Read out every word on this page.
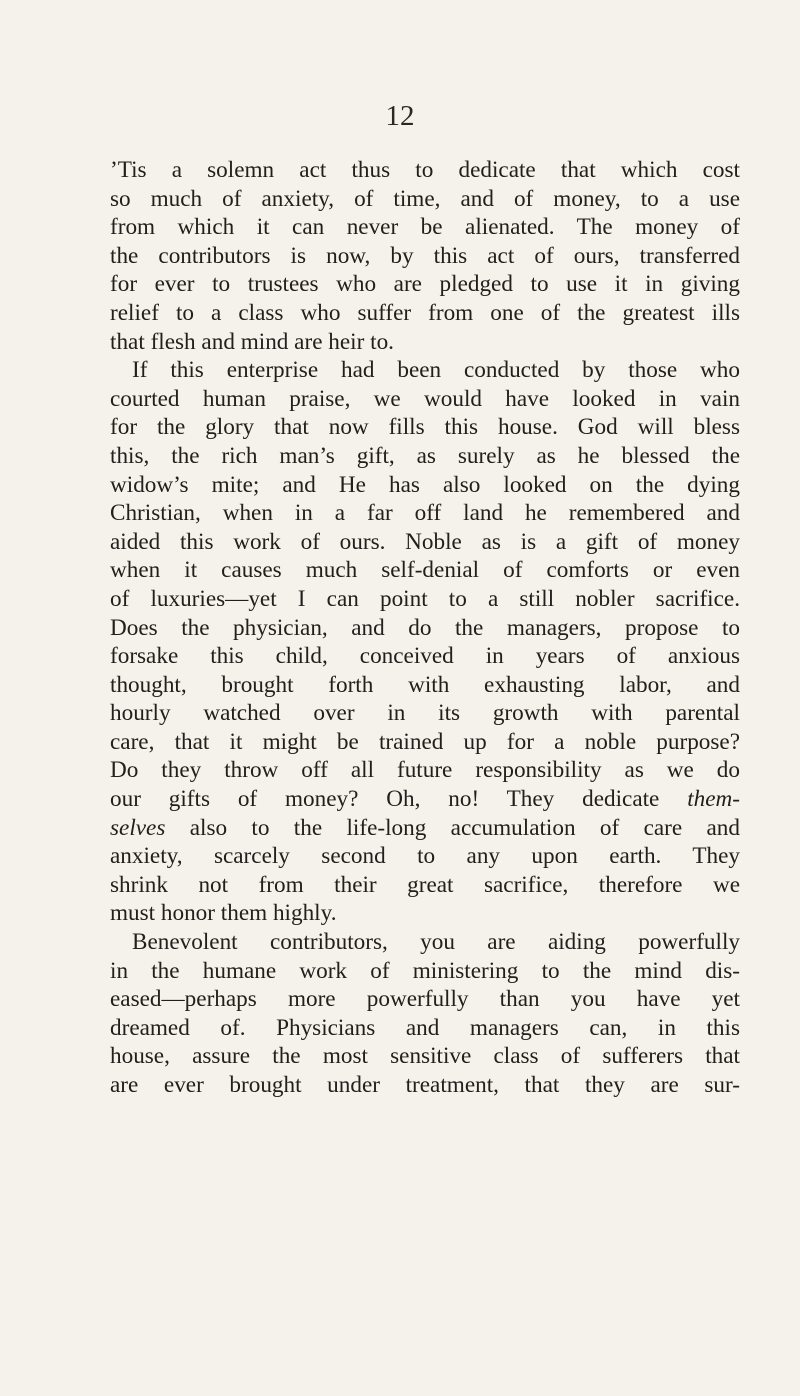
12
’Tis a solemn act thus to dedicate that which cost
so much of anxiety, of time, and of money, to a use
from which it can never be alienated. The money of
the contributors is now, by this act of ours, transferred
for ever to trustees who are pledged to use it in giving
relief to a class who suffer from one of the greatest ills
that flesh and mind are heir to.
If this enterprise had been conducted by those who
courted human praise, we would have looked in vain
for the glory that now fills this house. God will bless
this, the rich man’s gift, as surely as he blessed the
widow’s mite; and He has also looked on the dying
Christian, when in a far off land he remembered and
aided this work of ours. Noble as is a gift of money
when it causes much self-denial of comforts or even
of luxuries—yet I can point to a still nobler sacrifice.
Does the physician, and do the managers, propose to
forsake this child, conceived in years of anxious
thought, brought forth with exhausting labor, and
hourly watched over in its growth with parental
care, that it might be trained up for a noble purpose?
Do they throw off all future responsibility as we do
our gifts of money? Oh, no! They dedicate them-
selves also to the life-long accumulation of care and
anxiety, scarcely second to any upon earth. They
shrink not from their great sacrifice, therefore we
must honor them highly.
Benevolent contributors, you are aiding powerfully
in the humane work of ministering to the mind dis-
eased—perhaps more powerfully than you have yet
dreamed of. Physicians and managers can, in this
house, assure the most sensitive class of sufferers that
are ever brought under treatment, that they are sur-
